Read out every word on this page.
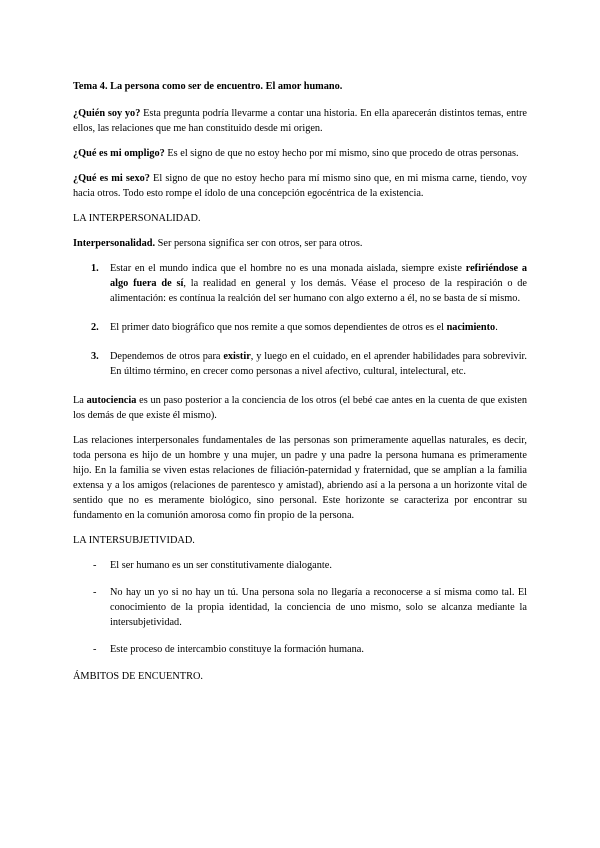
Tema 4. La persona como ser de encuentro. El amor humano.

¿Quién soy yo? Esta pregunta podría llevarme a contar una historia. En ella aparecerán distintos temas, entre ellos, las relaciones que me han constituido desde mi origen.

¿Qué es mi ompligo? Es el signo de que no estoy hecho por mí mismo, sino que procedo de otras personas.

¿Qué es mi sexo? El signo de que no estoy hecho para mí mismo sino que, en mi misma carne, tiendo, voy hacia otros. Todo esto rompe el ídolo de una concepción egocéntrica de la existencia.

LA INTERPERSONALIDAD.

Interpersonalidad. Ser persona significa ser con otros, ser para otros.

1. Estar en el mundo indica que el hombre no es una monada aislada, siempre existe refiriéndose a algo fuera de sí, la realidad en general y los demás. Véase el proceso de la respiración o de alimentación: es contínua la realción del ser humano con algo externo a él, no se basta de sí mismo.
2. El primer dato biográfico que nos remite a que somos dependientes de otros es el nacimiento.
3. Dependemos de otros para existir, y luego en el cuidado, en el aprender habilidades para sobrevivir. En último término, en crecer como personas a nivel afectivo, cultural, intelectural, etc.

La autociencia es un paso posterior a la conciencia de los otros (el bebé cae antes en la cuenta de que existen los demás de que existe él mismo).

Las relaciones interpersonales fundamentales de las personas son primeramente aquellas naturales, es decir, toda persona es hijo de un hombre y una mujer, un padre y una padre la persona humana es primeramente hijo. En la familia se viven estas relaciones de filiación-paternidad y fraternidad, que se amplían a la familia extensa y a los amigos (relaciones de parentesco y amistad), abriendo así a la persona a un horizonte vital de sentido que no es meramente biológico, sino personal. Este horizonte se caracteriza por encontrar su fundamento en la comunión amorosa como fin propio de la persona.

LA INTERSUBJETIVIDAD.

- El ser humano es un ser constitutivamente dialogante.
- No hay un yo si no hay un tú. Una persona sola no llegaría a reconocerse a sí misma como tal. El conocimiento de la propia identidad, la conciencia de uno mismo, solo se alcanza mediante la intersubjetividad.
- Este proceso de intercambio constituye la formación humana.

ÁMBITOS DE ENCUENTRO.
